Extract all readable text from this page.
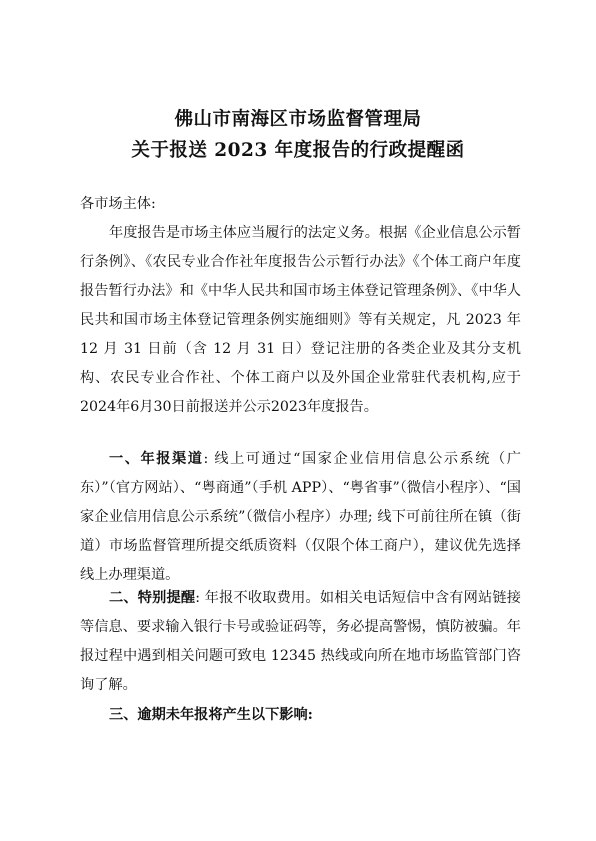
佛山市南海区市场监督管理局
关于报送 2023 年度报告的行政提醒函
各市场主体:

年度报告是市场主体应当履行的法定义务。根据《企业信息公示暂行条例》、《农民专业合作社年度报告公示暂行办法》《个体工商户年度报告暂行办法》和《中华人民共和国市场主体登记管理条例》、《中华人民共和国市场主体登记管理条例实施细则》等有关规定，凡 2023 年 12 月 31 日前（含 12 月 31 日）登记注册的各类企业及其分支机构、农民专业合作社、个体工商户以及外国企业常驻代表机构,应于2024年6月30日前报送并公示2023年度报告。

一、年报渠道: 线上可通过“国家企业信用信息公示系统（广东）”（官方网站）、“粤商通”（手机 APP）、“粤省事”（微信小程序）、“国家企业信用信息公示系统”（微信小程序）办理; 线下可前往所在镇（街道）市场监督管理所提交纸质资料（仅限个体工商户），建议优先选择线上办理渠道。

二、特别提醒: 年报不收取费用。如相关电话短信中含有网站链接等信息、要求输入银行卡号或验证码等，务必提高警惕，慎防被骗。年报过程中遇到相关问题可致电 12345 热线或向所在地市场监管部门咨询了解。

三、逾期未年报将产生以下影响:
